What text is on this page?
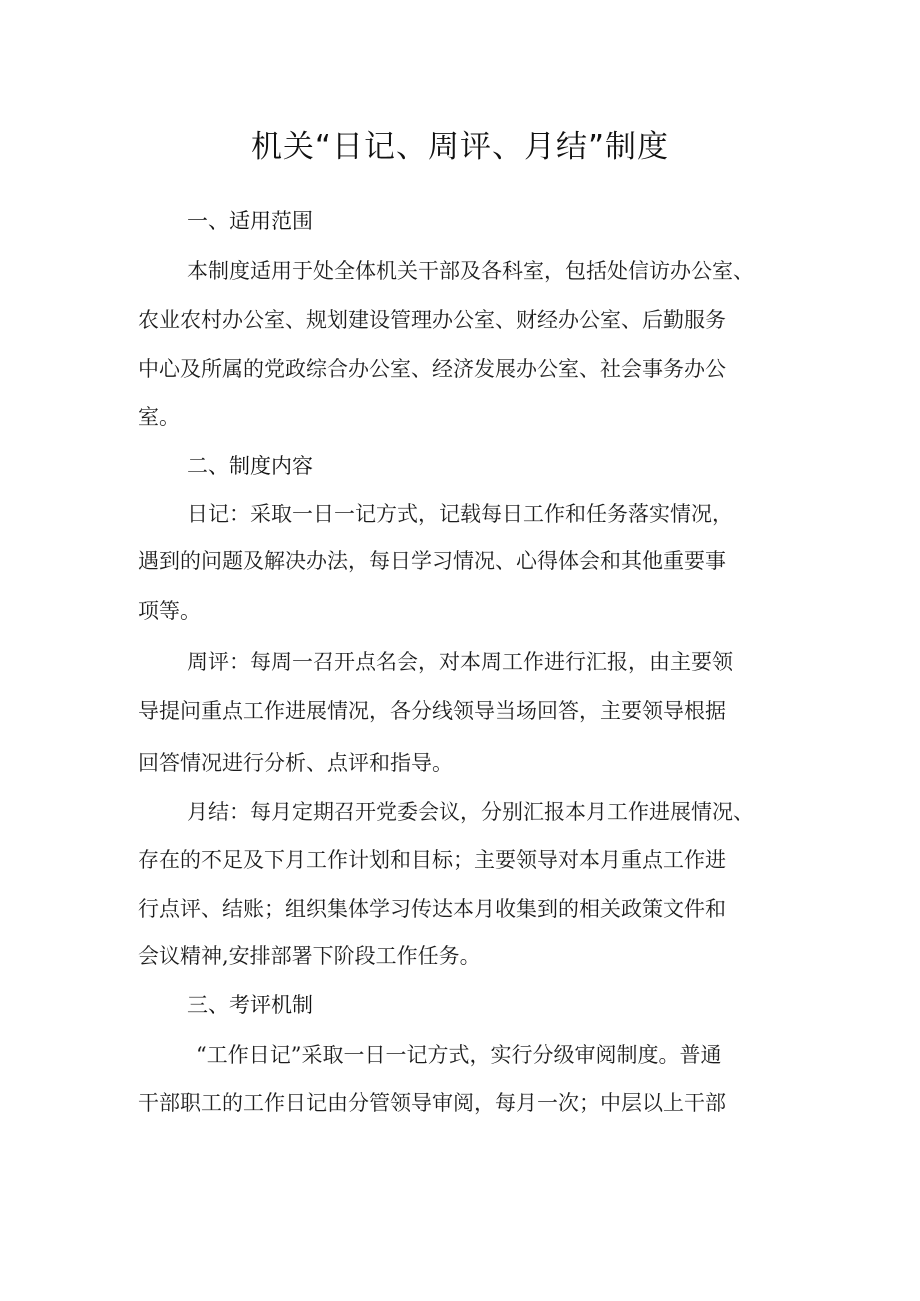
机关“日记、周评、月结”制度
一、适用范围
本制度适用于处全体机关干部及各科室，包括处信访办公室、
农业农村办公室、规划建设管理办公室、财经办公室、后勤服务
中心及所属的党政综合办公室、经济发展办公室、社会事务办公
室。
二、制度内容
日记：采取一日一记方式，记载每日工作和任务落实情况，
遇到的问题及解决办法，每日学习情况、心得体会和其他重要事
项等。
周评：每周一召开点名会，对本周工作进行汇报，由主要领
导提问重点工作进展情况，各分线领导当场回答，主要领导根据
回答情况进行分析、点评和指导。
月结：每月定期召开党委会议，分别汇报本月工作进展情况、
存在的不足及下月工作计划和目标；主要领导对本月重点工作进
行点评、结账；组织集体学习传达本月收集到的相关政策文件和
会议精神,安排部署下阶段工作任务。
三、考评机制
“工作日记”采取一日一记方式，实行分级审阅制度。普通
干部职工的工作日记由分管领导审阅，每月一次；中层以上干部
